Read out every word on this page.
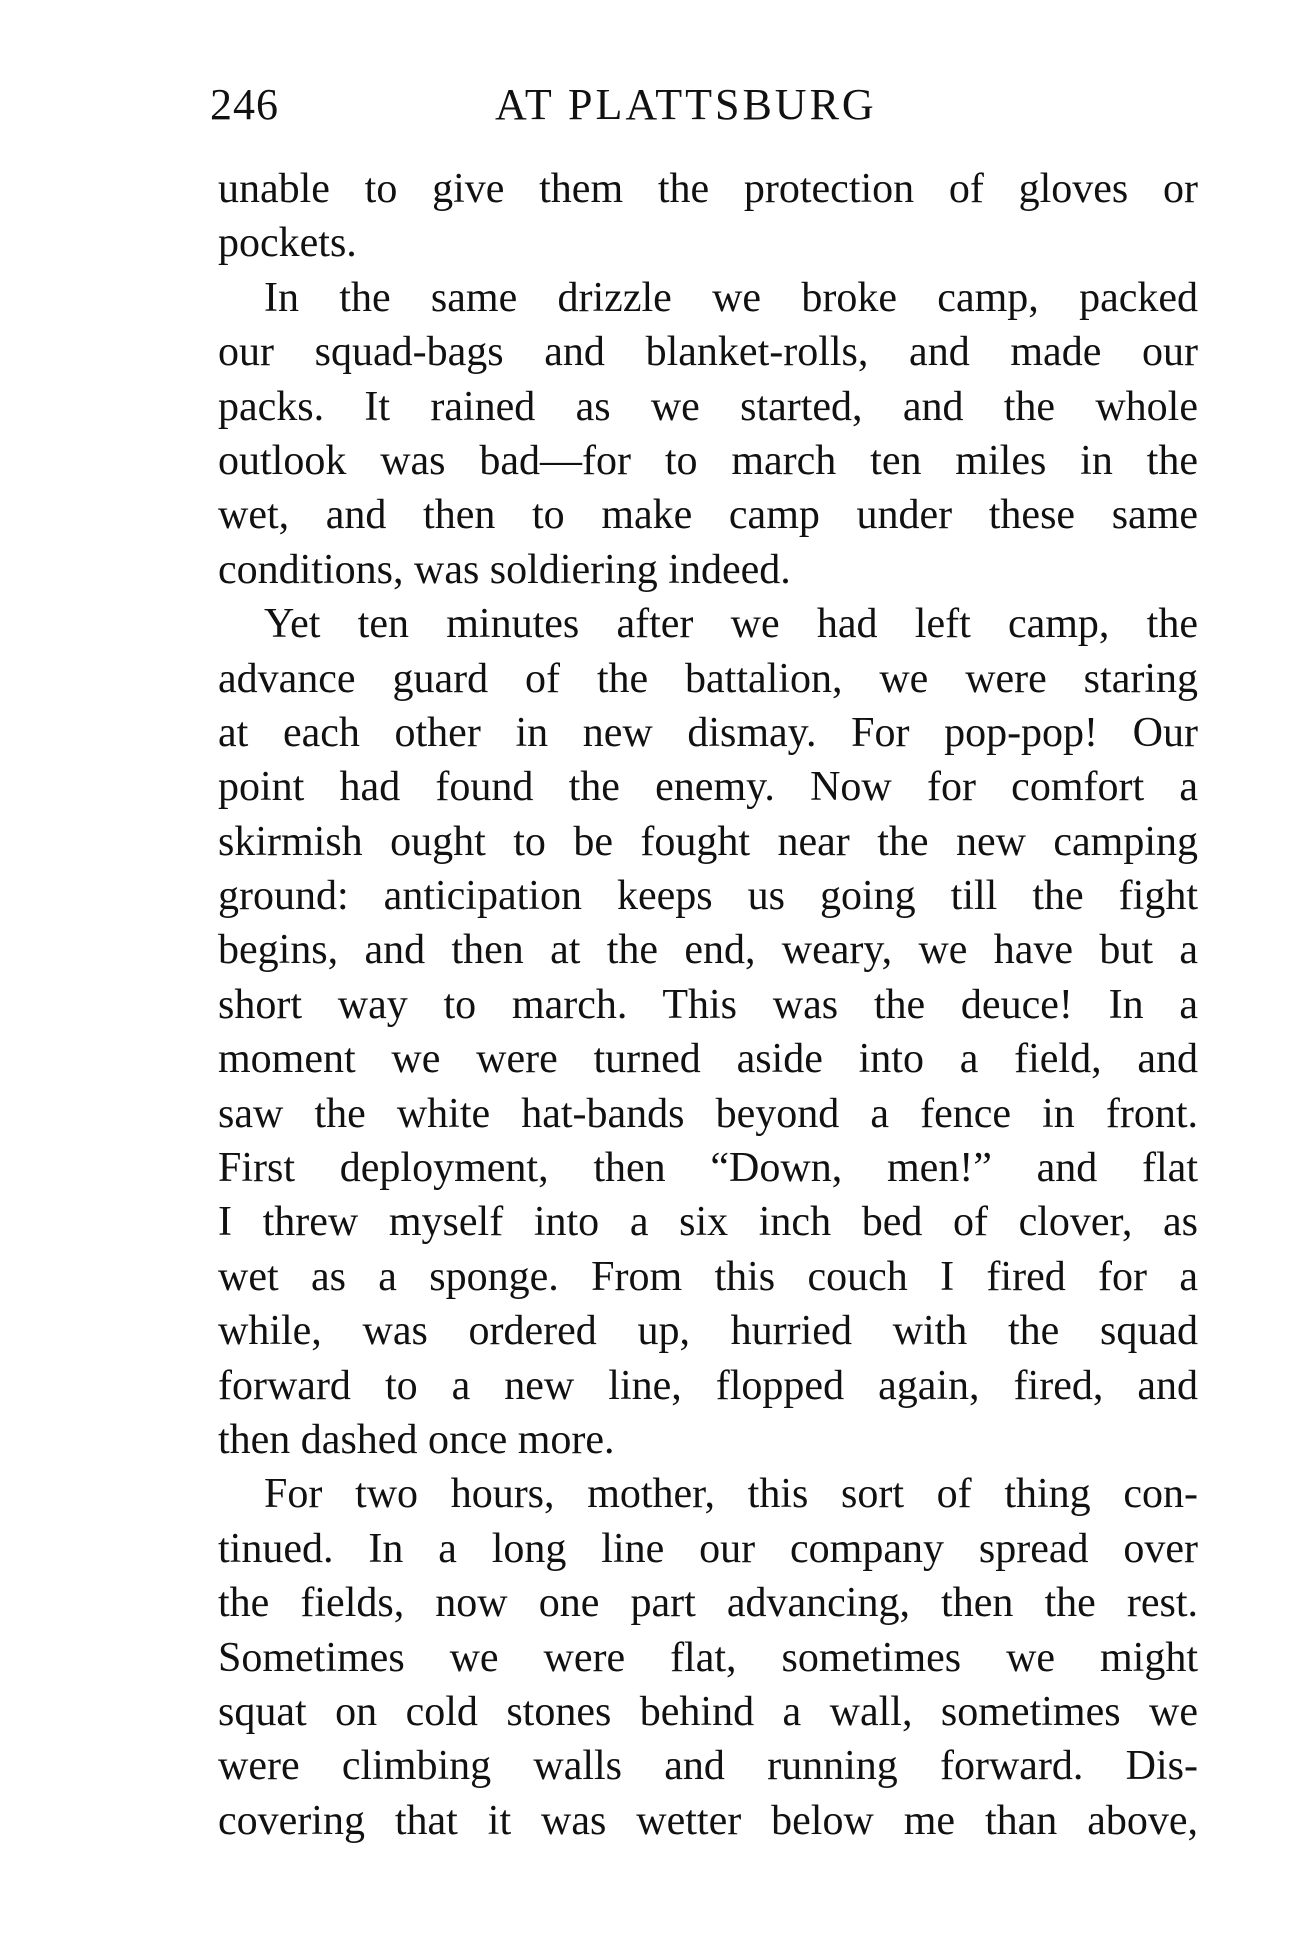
246	AT PLATTSBURG
unable to give them the protection of gloves or
pockets.
In the same drizzle we broke camp, packed
our squad-bags and blanket-rolls, and made our
packs. It rained as we started, and the whole
outlook was bad—for to march ten miles in the
wet, and then to make camp under these same
conditions, was soldiering indeed.
Yet ten minutes after we had left camp, the
advance guard of the battalion, we were staring
at each other in new dismay. For pop-pop! Our
point had found the enemy. Now for comfort a
skirmish ought to be fought near the new camping
ground: anticipation keeps us going till the fight
begins, and then at the end, weary, we have but a
short way to march. This was the deuce! In a
moment we were turned aside into a field, and
saw the white hat-bands beyond a fence in front.
First deployment, then “Down, men!” and flat
I threw myself into a six inch bed of clover, as
wet as a sponge. From this couch I fired for a
while, was ordered up, hurried with the squad
forward to a new line, flopped again, fired, and
then dashed once more.
For two hours, mother, this sort of thing con-
tinued. In a long line our company spread over
the fields, now one part advancing, then the rest.
Sometimes we were flat, sometimes we might
squat on cold stones behind a wall, sometimes we
were climbing walls and running forward. Dis-
covering that it was wetter below me than above,
